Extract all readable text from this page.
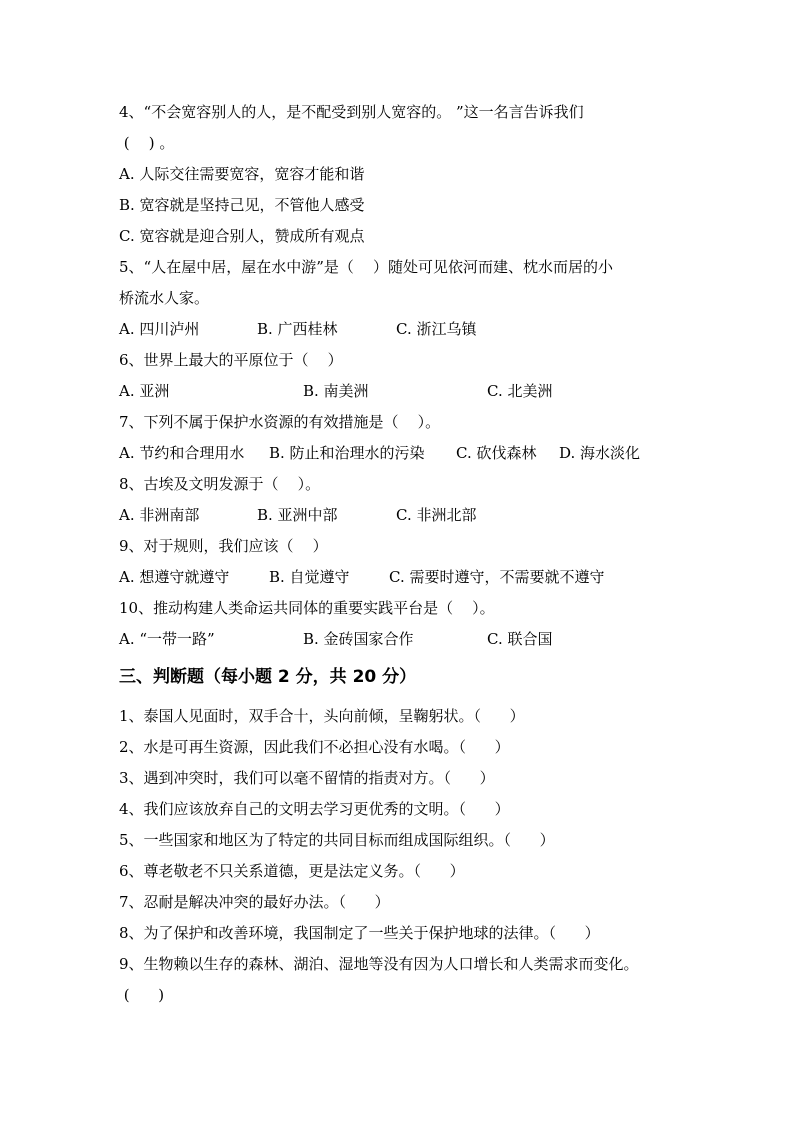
4、“不会宽容别人的人，是不配受到别人宽容的。 ”这一名言告诉我们
(    ) 。
A. 人际交往需要宽容，宽容才能和谐
B. 宽容就是坚持己见，不管他人感受
C. 宽容就是迎合别人，赞成所有观点
5、“人在屋中居，屋在水中游”是（    ）随处可见依河而建、枕水而居的小
桥流水人家。
A. 四川泸州	B. 广西桂林	C. 浙江乌镇
6、世界上最大的平原位于（    ）
A. 亚洲	B. 南美洲	C. 北美洲
7、下列不属于保护水资源的有效措施是（    ）。
A. 节约和合理用水 B. 防止和治理水的污染 C. 砍伐森林 D. 海水淡化
8、古埃及文明发源于（    ）。
A. 非洲南部	B. 亚洲中部	C. 非洲北部
9、对于规则，我们应该（    ）
A. 想遵守就遵守	B. 自觉遵守	C. 需要时遵守，不需要就不遵守
10、推动构建人类命运共同体的重要实践平台是（    ）。
A. “一带一路”	B. 金砖国家合作	C. 联合国
三、判断题（每小题 2 分，共 20 分）
1、泰国人见面时，双手合十，头向前倾，呈鞠躬状。（      ）
2、水是可再生资源，因此我们不必担心没有水喝。（      ）
3、遇到冲突时，我们可以毫不留情的指责对方。（      ）
4、我们应该放弃自己的文明去学习更优秀的文明。（      ）
5、一些国家和地区为了特定的共同目标而组成国际组织。（      ）
6、尊老敬老不只关系道德，更是法定义务。（      ）
7、忍耐是解决冲突的最好办法。（      ）
8、为了保护和改善环境，我国制定了一些关于保护地球的法律。（      ）
9、生物赖以生存的森林、湖泊、湿地等没有因为人口增长和人类需求而变化。
(      )
